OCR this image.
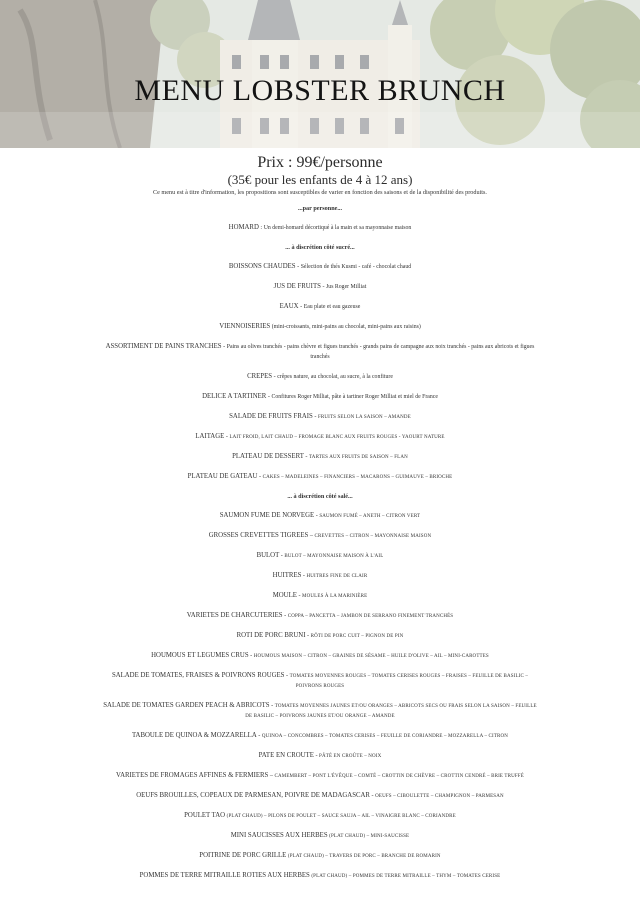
MENU LOBSTER BRUNCH
Prix : 99€/personne
(35€ pour les enfants de 4 à 12 ans)
Ce menu est à titre d'information, les propositions sont susceptibles de varier en fonction des saisons et de la disponibilité des produits.
...par personne...
HOMARD : Un demi-homard décortiqué à la main et sa mayonnaise maison
... à discrétion côté sucré...
BOISSONS CHAUDES - Sélection de thés Kusmi - café - chocolat chaud
JUS DE FRUITS - Jus Roger Milliat
EAUX - Eau plate et eau gazeuse
VIENNOISERIES (mini-croissants, mini-pains au chocolat, mini-pains aux raisins)
ASSORTIMENT DE PAINS TRANCHES - Pains au olives tranchés - pains chèvre et figues tranchés - grands pains de campagne aux noix tranchés - pains aux abricots et figues tranchés
CREPES - crêpes nature, au chocolat, au sucre, à la confiture
DELICE A TARTINER - Confitures Roger Milliat, pâte à tartiner Roger Milliat et miel de France
SALADE DE FRUITS FRAIS - FRUITS SELON LA SAISON – AMANDE
LAITAGE - LAIT FROID, LAIT CHAUD – FROMAGE BLANC AUX FRUITS ROUGES - YAOURT NATURE
PLATEAU DE DESSERT - TARTES AUX FRUITS DE SAISON – FLAN
PLATEAU DE GATEAU - CAKES – MADELEINES – FINANCIERS – MACARONS – GUIMAUVE – BRIOCHE
... à discrétion côté salé...
SAUMON FUME DE NORVEGE - SAUMON FUMÉ – ANETH – CITRON VERT
GROSSES CREVETTES TIGREES – CREVETTES – CITRON – MAYONNAISE MAISON
BULOT - BULOT – MAYONNAISE MAISON À L'AIL
HUITRES - HUITRES FINE DE CLAIR
MOULE - MOULES À LA MARINIÈRE
VARIETES DE CHARCUTERIES - COPPA – PANCETTA – JAMBON DE SERRANO FINEMENT TRANCHÉS
ROTI DE PORC BRUNI - RÔTI DE PORC CUIT – PIGNON DE PIN
HOUMOUS ET LEGUMES CRUS - HOUMOUS MAISON – CITRON – GRAINES DE SÉSAME – HUILE D'OLIVE – AIL – MINI-CAROTTES
SALADE DE TOMATES, FRAISES & POIVRONS ROUGES - TOMATES MOYENNES ROUGES – TOMATES CERISES ROUGES – FRAISES – FEUILLE DE BASILIC – POIVRONS ROUGES
SALADE DE TOMATES GARDEN PEACH & ABRICOTS - TOMATES MOYENNES JAUNES ET/OU ORANGES – ABRICOTS SECS OU FRAIS SELON LA SAISON – FEUILLE DE BASILIC – POIVRONS JAUNES ET/OU ORANGE – AMANDE
TABOULE DE QUINOA & MOZZARELLA - QUINOA – CONCOMBRES – TOMATES CERISES – FEUILLE DE CORIANDRE – MOZZARELLA – CITRON
PATE EN CROUTE - PÂTÉ EN CROÛTE – NOIX
VARIETES DE FROMAGES AFFINES & FERMIERS – CAMEMBERT – PONT L'ÉVÊQUE – COMTÉ – CROTTIN DE CHÈVRE – CROTTIN CENDRÉ – BRIE TRUFFÉ
OEUFS BROUILLES, COPEAUX DE PARMESAN, POIVRE DE MADAGASCAR - OEUFS – CIBOULETTE – CHAMPIGNON – PARMESAN
POULET TAO (PLAT CHAUD) – PILONS DE POULET – SAUCE SAUJA – AIL – VINAIGRE BLANC – CORIANDRE
MINI SAUCISSES AUX HERBES (PLAT CHAUD) – MINI-SAUCISSE
POITRINE DE PORC GRILLE (PLAT CHAUD) – TRAVERS DE PORC – BRANCHE DE ROMARIN
POMMES DE TERRE MITRAILLE ROTIES AUX HERBES (PLAT CHAUD) – POMMES DE TERRE MITRAILLE – THYM – TOMATES CERISE
